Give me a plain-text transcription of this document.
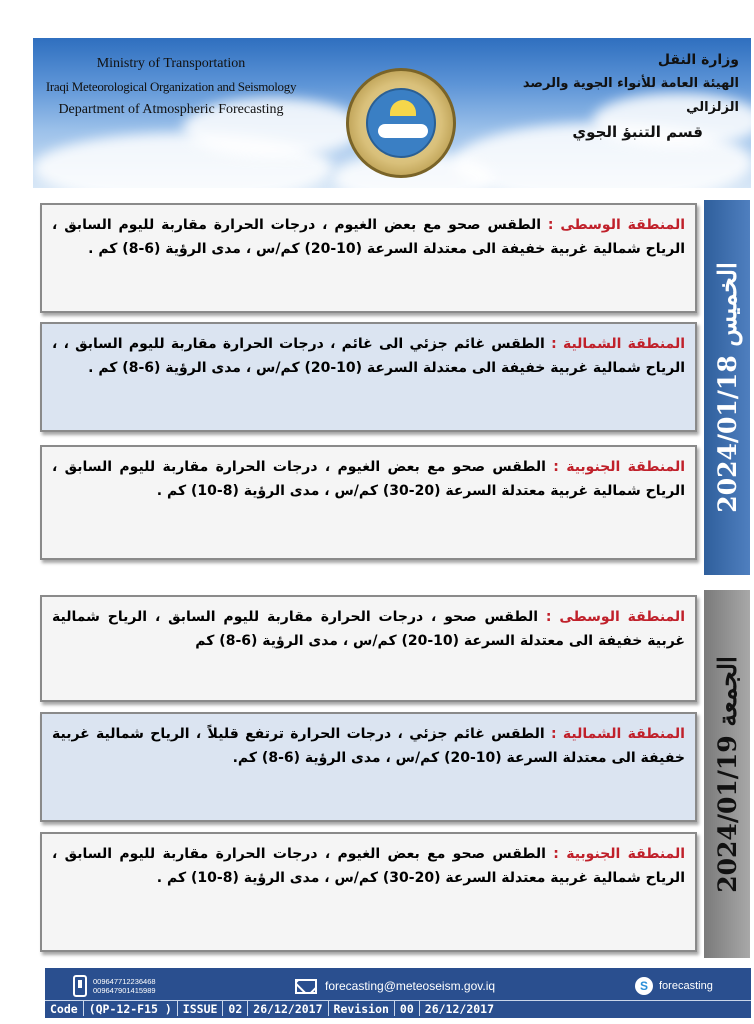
Ministry of Transportation
Iraqi Meteorological Organization and Seismology
Department of Atmospheric Forecasting
وزارة النقل
الهيئة العامة للأنواء الجوية والرصد الزلزالي
قسم التنبؤ الجوي
الخميس 2024/01/18

المنطقة الوسطى : الطقس صحو مع بعض الغيوم ، درجات الحرارة مقاربة لليوم السابق ، الرياح شمالية غربية خفيفة الى معتدلة السرعة (10-20) كم/س ، مدى الرؤية (6-8) كم .

المنطقة الشمالية : الطقس غائم جزئي الى غائم ، درجات الحرارة مقاربة لليوم السابق ، ، الرياح شمالية غربية خفيفة الى معتدلة السرعة (10-20) كم/س ، مدى الرؤية (6-8) كم .

المنطقة الجنوبية : الطقس صحو مع بعض الغيوم ، درجات الحرارة مقاربة لليوم السابق ، الرياح شمالية غربية معتدلة السرعة (20-30) كم/س ، مدى الرؤية (8-10) كم .

الجمعة 2024/01/19

المنطقة الوسطى : الطقس صحو ، درجات الحرارة مقاربة لليوم السابق ، الرياح شمالية غربية خفيفة الى معتدلة السرعة (10-20) كم/س ، مدى الرؤية (6-8) كم

المنطقة الشمالية : الطقس غائم جزئي ، درجات الحرارة ترتفع قليلاً ، الرياح شمالية غربية خفيفة الى معتدلة السرعة (10-20) كم/س ، مدى الرؤية (6-8) كم.

المنطقة الجنوبية : الطقس صحو مع بعض الغيوم ، درجات الحرارة مقاربة لليوم السابق ، الرياح شمالية غربية معتدلة السرعة (20-30) كم/س ، مدى الرؤية (8-10) كم .

009647712236468
009647901415989	forecasting@meteoseism.gov.iq	S	forecasting
Code (QP-12-F15 ) ISSUE 02 26/12/2017 Revision 00 26/12/2017
